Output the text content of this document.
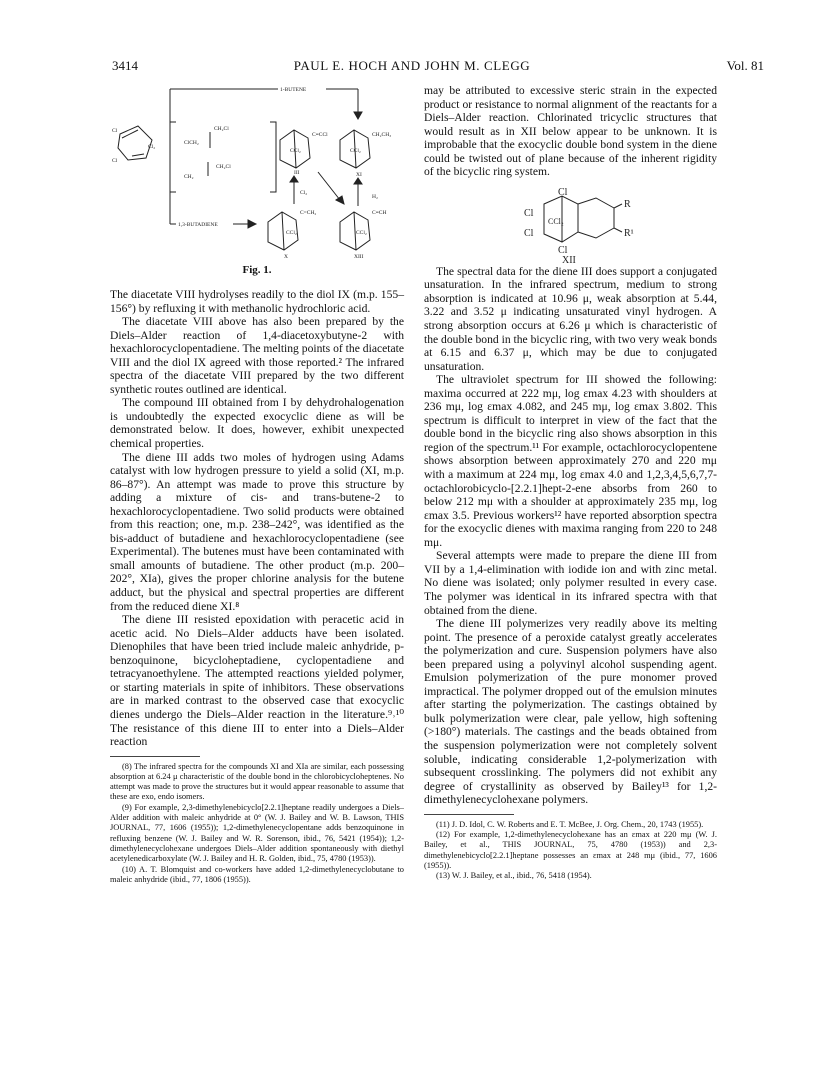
3414	PAUL E. HOCH AND JOHN M. CLEGG	Vol. 81
1-BUTENE
1,3-BUTADIENE
Cl
Cl
Cl₂
ClCH₂
CH₂Cl
CH₂
CH₂Cl
CCl₂
C≡CCl
CCl₂
CH₂CH₃
CCl₂
C=CH₂
CCl₂
C≡CH
H₂
Cl₂
III	XI
X	XIII
Fig. 1.

The diacetate VIII hydrolyses readily to the diol IX (m.p. 155–156°) by refluxing it with methanolic hydrochloric acid.

The diacetate VIII above has also been prepared by the Diels–Alder reaction of 1,4-diacetoxybutyne-2 with hexachlorocyclopentadiene. The melting points of the diacetate VIII and the diol IX agreed with those reported.² The infrared spectra of the diacetate VIII prepared by the two different synthetic routes outlined are identical.

The compound III obtained from I by dehydrohalogenation is undoubtedly the expected exocyclic diene as will be demonstrated below. It does, however, exhibit unexpected chemical properties.

The diene III adds two moles of hydrogen using Adams catalyst with low hydrogen pressure to yield a solid (XI, m.p. 86–87°). An attempt was made to prove this structure by adding a mixture of cis- and trans-butene-2 to hexachlorocyclopentadiene. Two solid products were obtained from this reaction; one, m.p. 238–242°, was identified as the bis-adduct of butadiene and hexachlorocyclopentadiene (see Experimental). The butenes must have been contaminated with small amounts of butadiene. The other product (m.p. 200–202°, XIa), gives the proper chlorine analysis for the butene adduct, but the physical and spectral properties are different from the reduced diene XI.⁸

The diene III resisted epoxidation with peracetic acid in acetic acid. No Diels–Alder adducts have been isolated. Dienophiles that have been tried include maleic anhydride, p-benzoquinone, bicycloheptadiene, cyclopentadiene and tetracyanoethylene. The attempted reactions yielded polymer, or starting materials in spite of inhibitors. These observations are in marked contrast to the observed case that exocyclic dienes undergo the Diels–Alder reaction in the literature.⁹˒¹⁰ The resistance of this diene III to enter into a Diels–Alder reaction

(8) The infrared spectra for the compounds XI and XIa are similar, each possessing absorption at 6.24 μ characteristic of the double bond in the chlorobicycloheptenes. No attempt was made to prove the structures but it would appear reasonable to assume that these are exo, endo isomers.

(9) For example, 2,3-dimethylenebicyclo[2.2.1]heptane readily undergoes a Diels–Alder addition with maleic anhydride at 0° (W. J. Bailey and W. B. Lawson, THIS JOURNAL, 77, 1606 (1955)); 1,2-dimethylenecyclopentane adds benzoquinone in refluxing benzene (W. J. Bailey and W. R. Sorenson, ibid., 76, 5421 (1954)); 1,2-dimethylenecyclohexane undergoes Diels–Alder addition spontaneously with diethyl acetylenedicarboxylate (W. J. Bailey and H. R. Golden, ibid., 75, 4780 (1953)).

(10) A. T. Blomquist and co-workers have added 1,2-dimethylenecyclobutane to maleic anhydride (ibid., 77, 1806 (1955)).

may be attributed to excessive steric strain in the expected product or resistance to normal alignment of the reactants for a Diels–Alder reaction. Chlorinated tricyclic structures that would result as in XII below appear to be unknown. It is improbable that the exocyclic double bond system in the diene could be twisted out of plane because of the inherent rigidity of the bicyclic ring system.

The spectral data for the diene III does support a conjugated unsaturation. In the infrared spectrum, medium to strong absorption is indicated at 10.96 μ, weak absorption at 5.44, 3.22 and 3.52 μ indicating unsaturated vinyl hydrogen. A strong absorption occurs at 6.26 μ which is characteristic of the double bond in the bicyclic ring, with two very weak bonds at 6.15 and 6.37 μ, which may be due to conjugated unsaturation.

The ultraviolet spectrum for III showed the following: maxima occurred at 222 mμ, log εmax 4.23 with shoulders at 236 mμ, log εmax 4.082, and 245 mμ, log εmax 3.802. This spectrum is difficult to interpret in view of the fact that the double bond in the bicyclic ring also shows absorption in this region of the spectrum.¹¹ For example, octachlorocyclopentene shows absorption between approximately 270 and 220 mμ with a maximum at 224 mμ, log εmax 4.0 and 1,2,3,4,5,6,7,7-octachlorobicyclo-[2.2.1]hept-2-ene absorbs from 260 to below 212 mμ with a shoulder at approximately 235 mμ, log εmax 3.5. Previous workers¹² have reported absorption spectra for the exocyclic dienes with maxima ranging from 220 to 248 mμ.

Several attempts were made to prepare the diene III from VII by a 1,4-elimination with iodide ion and with zinc metal. No diene was isolated; only polymer resulted in every case. The polymer was identical in its infrared spectra with that obtained from the diene.

The diene III polymerizes very readily above its melting point. The presence of a peroxide catalyst greatly accelerates the polymerization and cure. Suspension polymers have also been prepared using a polyvinyl alcohol suspending agent. Emulsion polymerization of the pure monomer proved impractical. The polymer dropped out of the emulsion minutes after starting the polymerization. The castings obtained by bulk polymerization were clear, pale yellow, high softening (>180°) materials. The castings and the beads obtained from the suspension polymerization were not completely solvent soluble, indicating considerable 1,2-polymerization with subsequent crosslinking. The polymers did not exhibit any degree of crystallinity as observed by Bailey¹³ for 1,2-dimethylenecyclohexane polymers.

(11) J. D. Idol, C. W. Roberts and E. T. McBee, J. Org. Chem., 20, 1743 (1955).

(12) For example, 1,2-dimethylenecyclohexane has an εmax at 220 mμ (W. J. Bailey, et al., THIS JOURNAL, 75, 4780 (1953)) and 2,3-dimethylenebicyclo[2.2.1]heptane possesses an εmax at 248 mμ (ibid., 77, 1606 (1955)).

(13) W. J. Bailey, et al., ibid., 76, 5418 (1954).

Cl
Cl
Cl
CCl₂
Cl
R
R¹
XII
